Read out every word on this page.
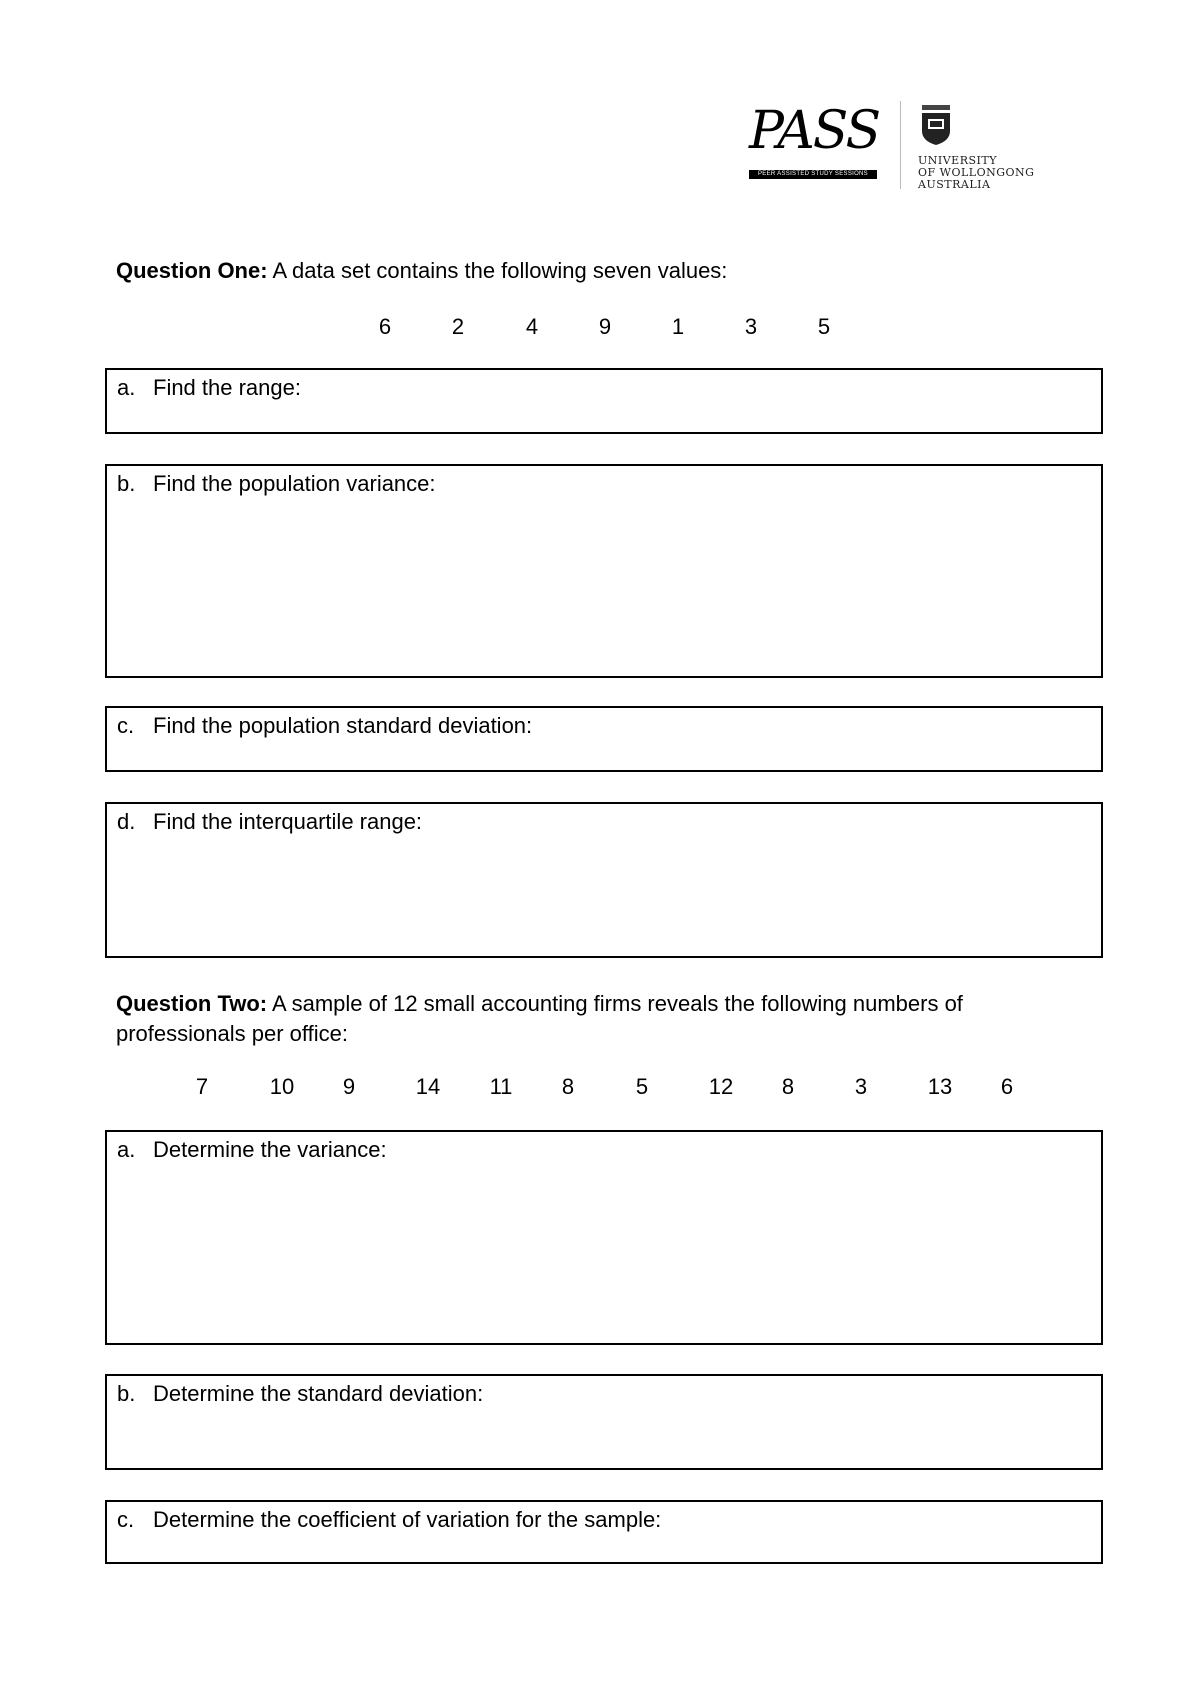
PASS
PEER ASSISTED STUDY SESSIONS
UNIVERSITY
OF WOLLONGONG
AUSTRALIA
Question One: A data set contains the following seven values:
6	2	4	9	1	3	5
a. Find the range:
b. Find the population variance:
c. Find the population standard deviation:
d. Find the interquartile range:
Question Two: A sample of 12 small accounting firms reveals the following numbers of professionals per office:
7	10 9	14 11 8	5	12 8	3	13 6
a. Determine the variance:
b. Determine the standard deviation:
c. Determine the coefficient of variation for the sample:
